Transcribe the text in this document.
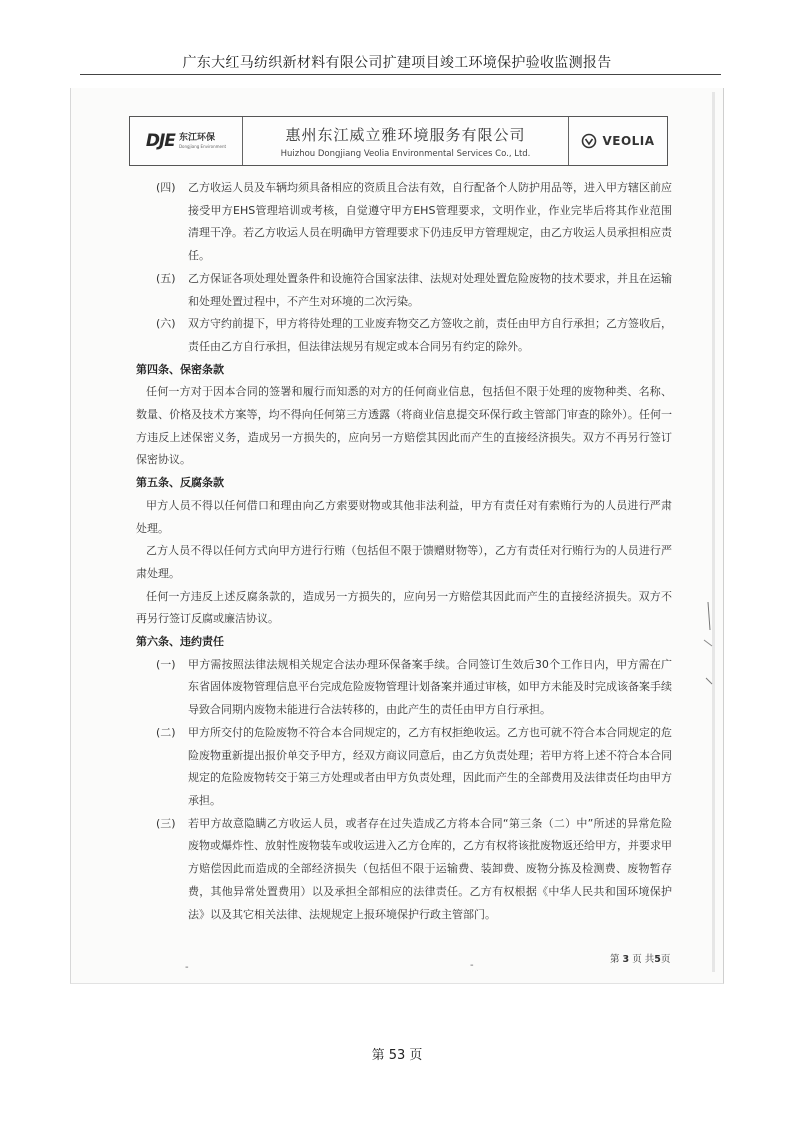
广东大红马纺织新材料有限公司扩建项目竣工环境保护验收监测报告
DJE 东江环保
Dongjiang Environment
惠州东江威立雅环境服务有限公司
Huizhou Dongjiang Veolia Environmental Services Co., Ltd.
VEOLIA
(四) 乙方收运人员及车辆均须具备相应的资质且合法有效，自行配备个人防护用品等，进入甲方辖区前应接受甲方EHS管理培训或考核，自觉遵守甲方EHS管理要求，文明作业，作业完毕后将其作业范围清理干净。若乙方收运人员在明确甲方管理要求下仍违反甲方管理规定，由乙方收运人员承担相应责任。
(五) 乙方保证各项处理处置条件和设施符合国家法律、法规对处理处置危险废物的技术要求，并且在运输和处理处置过程中，不产生对环境的二次污染。
(六) 双方守约前提下，甲方将待处理的工业废弃物交乙方签收之前，责任由甲方自行承担；乙方签收后，责任由乙方自行承担，但法律法规另有规定或本合同另有约定的除外。
第四条、保密条款
任何一方对于因本合同的签署和履行而知悉的对方的任何商业信息，包括但不限于处理的废物种类、名称、数量、价格及技术方案等，均不得向任何第三方透露（将商业信息提交环保行政主管部门审查的除外）。任何一方违反上述保密义务，造成另一方损失的，应向另一方赔偿其因此而产生的直接经济损失。双方不再另行签订保密协议。
第五条、反腐条款
甲方人员不得以任何借口和理由向乙方索要财物或其他非法利益，甲方有责任对有索贿行为的人员进行严肃处理。
乙方人员不得以任何方式向甲方进行行贿（包括但不限于馈赠财物等），乙方有责任对行贿行为的人员进行严肃处理。
任何一方违反上述反腐条款的，造成另一方损失的，应向另一方赔偿其因此而产生的直接经济损失。双方不再另行签订反腐或廉洁协议。
第六条、违约责任
(一) 甲方需按照法律法规相关规定合法办理环保备案手续。合同签订生效后30个工作日内，甲方需在广东省固体废物管理信息平台完成危险废物管理计划备案并通过审核，如甲方未能及时完成该备案手续导致合同期内废物未能进行合法转移的，由此产生的责任由甲方自行承担。
(二) 甲方所交付的危险废物不符合本合同规定的，乙方有权拒绝收运。乙方也可就不符合本合同规定的危险废物重新提出报价单交予甲方，经双方商议同意后，由乙方负责处理；若甲方将上述不符合本合同规定的危险废物转交于第三方处理或者由甲方负责处理，因此而产生的全部费用及法律责任均由甲方承担。
(三) 若甲方故意隐瞒乙方收运人员，或者存在过失造成乙方将本合同“第三条（二）中”所述的异常危险废物或爆炸性、放射性废物装车或收运进入乙方仓库的，乙方有权将该批废物返还给甲方，并要求甲方赔偿因此而造成的全部经济损失（包括但不限于运输费、装卸费、废物分拣及检测费、废物暂存费，其他异常处置费用）以及承担全部相应的法律责任。乙方有权根据《中华人民共和国环境保护法》以及其它相关法律、法规规定上报环境保护行政主管部门。
第 3 页 共5页
-	-
第 53 页
